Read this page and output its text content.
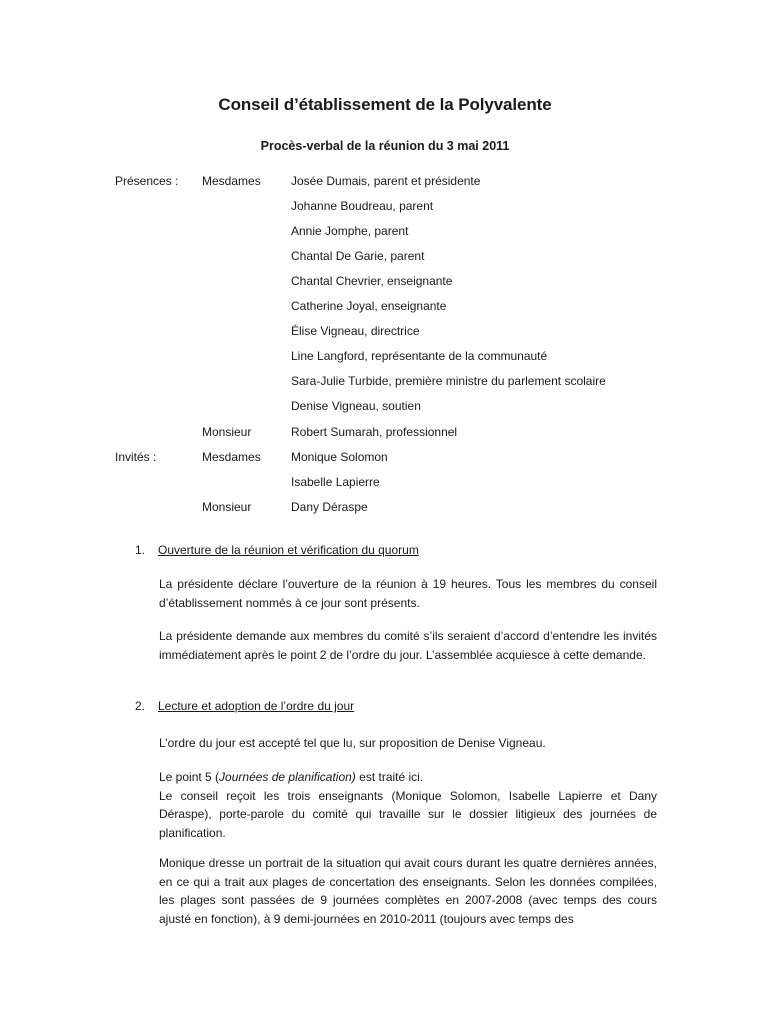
Conseil d’établissement de la Polyvalente
Procès-verbal de la réunion du 3 mai 2011
Présences : Mesdames	Josée Dumais, parent et présidente
Johanne Boudreau, parent
Annie Jomphe, parent
Chantal De Garie, parent
Chantal Chevrier, enseignante
Catherine Joyal, enseignante
Élise Vigneau, directrice
Line Langford, représentante de la communauté
Sara-Julie Turbide, première ministre du parlement scolaire
Denise Vigneau, soutien
Monsieur	Robert Sumarah, professionnel
Invités :	Mesdames	Monique Solomon
Isabelle Lapierre
Monsieur	Dany Déraspe
1. Ouverture de la réunion et vérification du quorum

La présidente déclare l’ouverture de la réunion à 19 heures. Tous les membres du conseil d’établissement nommés à ce jour sont présents.

La présidente demande aux membres du comité s’ils seraient d’accord d’entendre les invités immédiatement après le point 2 de l’ordre du jour. L’assemblée acquiesce à cette demande.

2. Lecture et adoption de l’ordre du jour

L’ordre du jour est accepté tel que lu, sur proposition de Denise Vigneau.

Le point 5 (Journées de planification) est traité ici.
Le conseil reçoit les trois enseignants (Monique Solomon, Isabelle Lapierre et Dany Déraspe), porte-parole du comité qui travaille sur le dossier litigieux des journées de planification.

Monique dresse un portrait de la situation qui avait cours durant les quatre dernières années, en ce qui a trait aux plages de concertation des enseignants. Selon les données compilées, les plages sont passées de 9 journées complètes en 2007-2008 (avec temps des cours ajusté en fonction), à 9 demi-journées en 2010-2011 (toujours avec temps des
